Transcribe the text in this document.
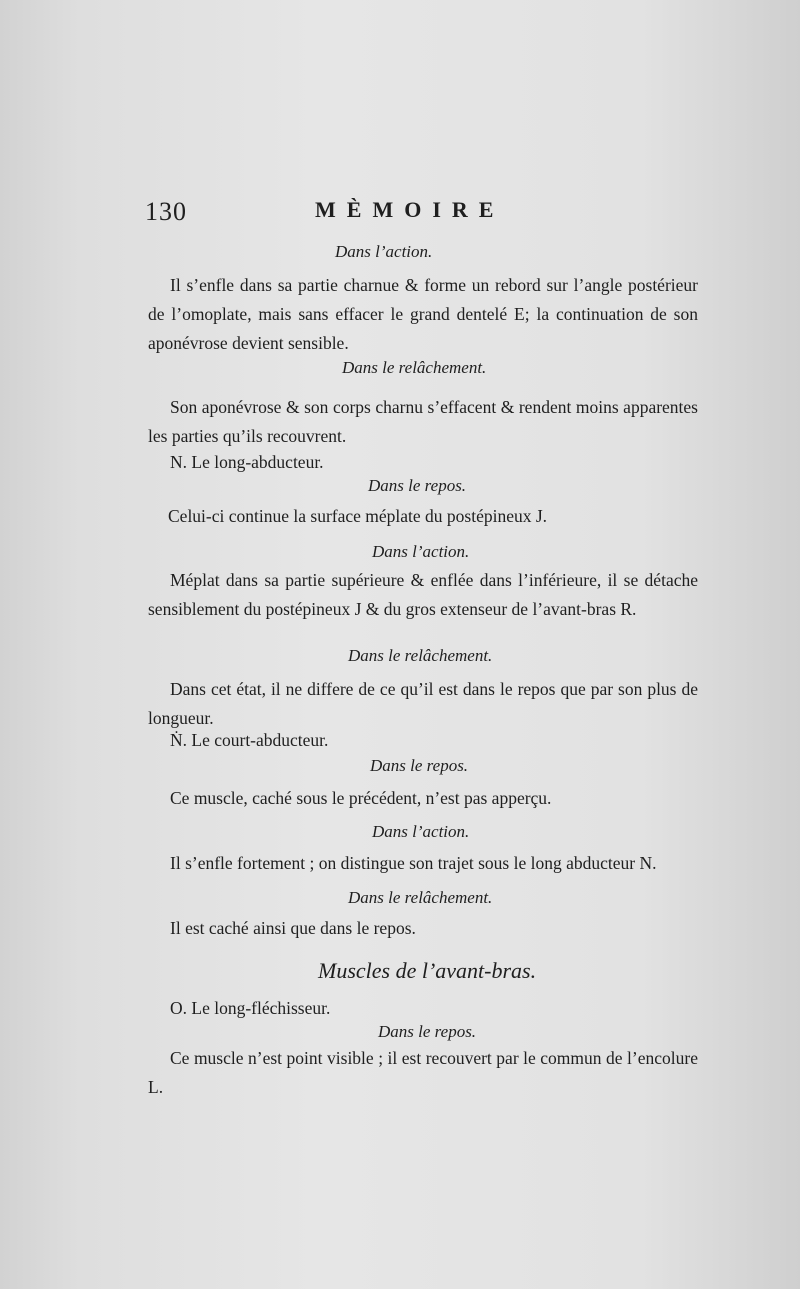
130	MÈMOIRE
Dans l’action.
Il s’enfle dans sa partie charnue & forme un rebord sur l’angle postérieur de l’omoplate, mais sans effacer le grand dentelé E; la continuation de son aponévrose devient sensible.
Dans le relâchement.
Son aponévrose & son corps charnu s’effacent & rendent moins apparentes les parties qu’ils recouvrent.
N. Le long-abducteur.
Dans le repos.
Celui-ci continue la surface méplate du postépineux J.
Dans l’action.
Méplat dans sa partie supérieure & enflée dans l’inférieure, il se détache sensiblement du postépineux J & du gros extenseur de l’avant-bras R.
Dans le relâchement.
Dans cet état, il ne differe de ce qu’il est dans le repos que par son plus de longueur.
Ṅ. Le court-abducteur.
Dans le repos.
Ce muscle, caché sous le précédent, n’est pas apperçu.
Dans l’action.
Il s’enfle fortement ; on distingue son trajet sous le long abducteur N.
Dans le relâchement.
Il est caché ainsi que dans le repos.
Muscles de l’avant-bras.
O. Le long-fléchisseur.
Dans le repos.
Ce muscle n’est point visible ; il est recouvert par le commun de l’encolure L.
